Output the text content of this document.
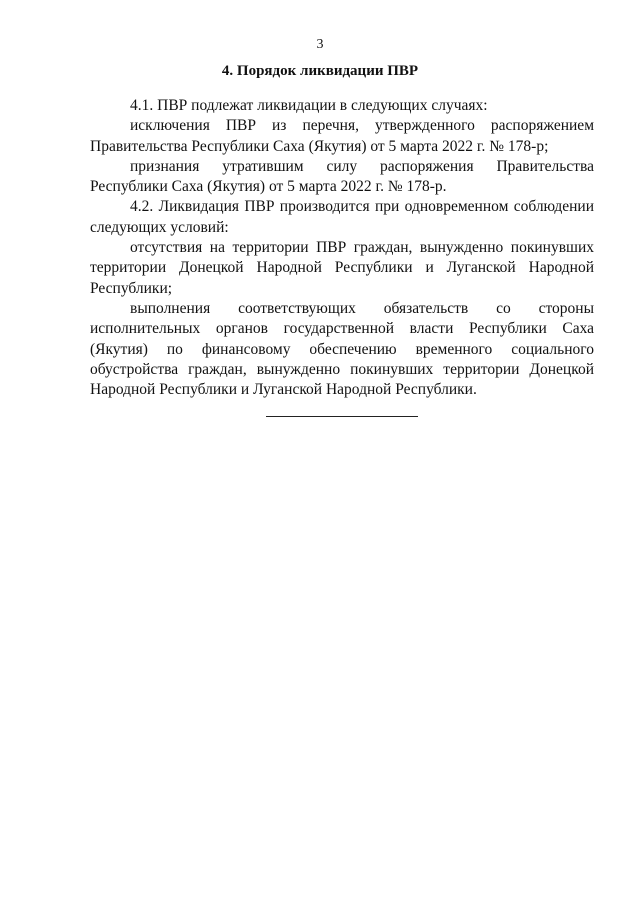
3
4. Порядок ликвидации ПВР

4.1. ПВР подлежат ликвидации в следующих случаях:

исключения ПВР из перечня, утвержденного распоряжением Правительства Республики Саха (Якутия) от 5 марта 2022 г. № 178-р;

признания утратившим силу распоряжения Правительства Республики Саха (Якутия) от 5 марта 2022 г. № 178-р.

4.2. Ликвидация ПВР производится при одновременном соблюдении следующих условий:

отсутствия на территории ПВР граждан, вынужденно покинувших территории Донецкой Народной Республики и Луганской Народной Республики;

выполнения соответствующих обязательств со стороны исполнительных органов государственной власти Республики Саха (Якутия) по финансовому обеспечению временного социального обустройства граждан, вынужденно покинувших территории Донецкой Народной Республики и Луганской Народной Республики.
